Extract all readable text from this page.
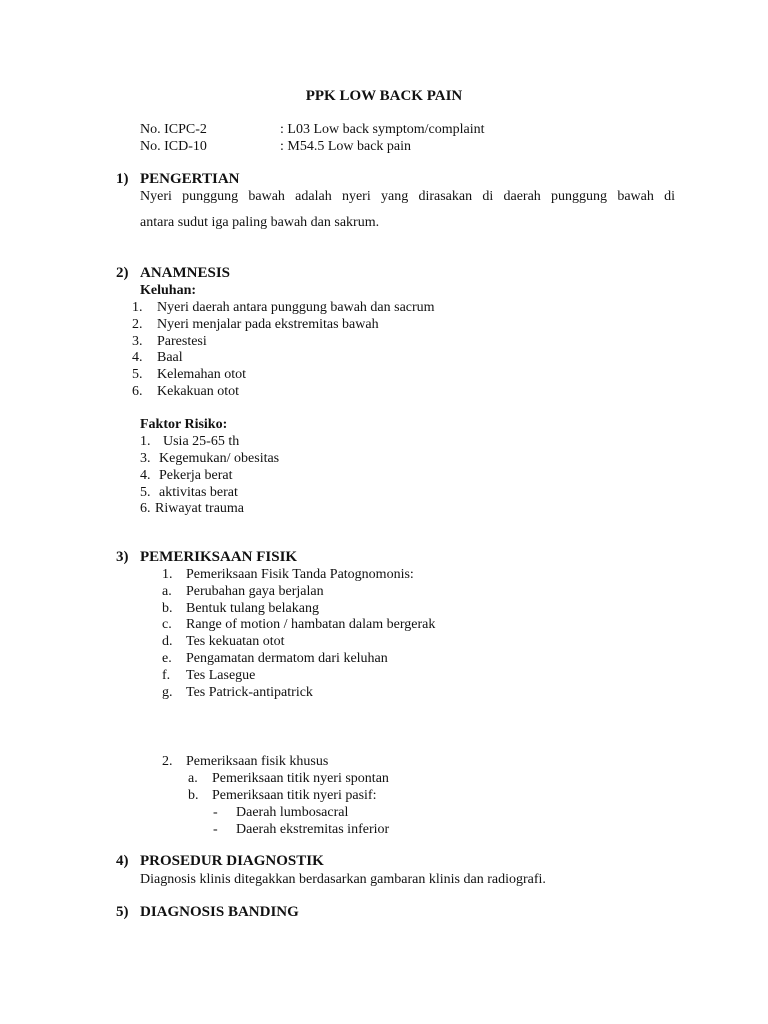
PPK LOW BACK PAIN
No. ICPC-2	: L03 Low back symptom/complaint
No. ICD-10	: M54.5 Low back pain
1) PENGERTIAN
Nyeri punggung bawah adalah nyeri yang dirasakan di daerah punggung bawah di
antara sudut iga paling bawah dan sakrum.
2) ANAMNESIS
Keluhan:
1. Nyeri daerah antara punggung bawah dan sacrum
2. Nyeri menjalar pada ekstremitas bawah
3. Parestesi
4. Baal
5. Kelemahan otot
6. Kekakuan otot
Faktor Risiko:
1. Usia 25-65 th
3. Kegemukan/ obesitas
4. Pekerja berat
5. aktivitas berat
6. Riwayat trauma
3) PEMERIKSAAN FISIK
1. Pemeriksaan Fisik Tanda Patognomonis:
a. Perubahan gaya berjalan
b. Bentuk tulang belakang
c. Range of motion / hambatan dalam bergerak
d. Tes kekuatan otot
e. Pengamatan dermatom dari keluhan
f. Tes Lasegue
g. Tes Patrick-antipatrick
2. Pemeriksaan fisik khusus
a. Pemeriksaan titik nyeri spontan
b. Pemeriksaan titik nyeri pasif:
- Daerah lumbosacral
- Daerah ekstremitas inferior
4) PROSEDUR DIAGNOSTIK
Diagnosis klinis ditegakkan berdasarkan gambaran klinis dan radiografi.
5) DIAGNOSIS BANDING
